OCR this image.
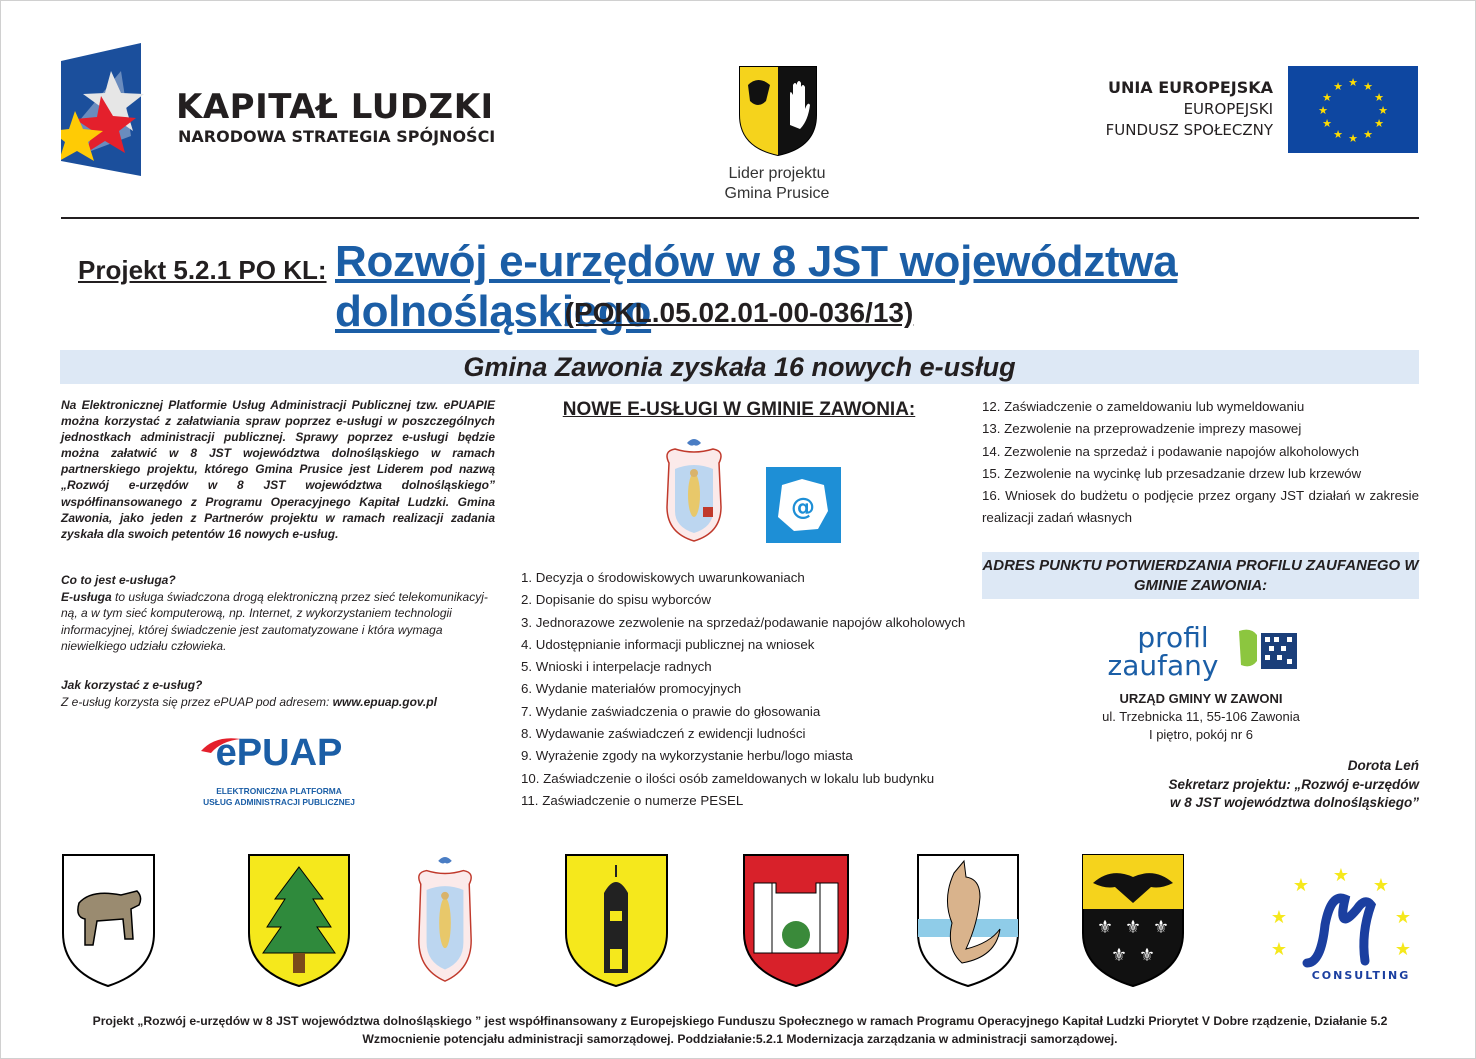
KAPITAŁ LUDZKI
NARODOWA STRATEGIA SPÓJNOŚCI
Lider projektu
Gmina Prusice
UNIA EUROPEJSKA
EUROPEJSKI
FUNDUSZ SPOŁECZNY
★ ★
★
★
★
★
★
★
★
★
★
★
Projekt 5.2.1 PO KL: Rozwój e-urzędów w 8 JST województwa dolnośląskiego
(POKL.05.02.01-00-036/13)
Gmina Zawonia zyskała 16 nowych e-usług
Na Elektronicznej Platformie Usług Administracji Publicznej tzw. ePUAPIE można korzystać z załatwiania spraw poprzez e-usługi w poszczególnych jednostkach administracji publicznej. Sprawy poprzez e-usługi będzie można załatwić w 8 JST województwa dolnośląskiego w ramach partnerskiego projektu, którego Gmina Prusice jest Liderem pod nazwą „Rozwój e-urzędów w 8 JST województwa dolnośląskiego” współfinansowanego z Programu Operacyjnego Kapitał Ludzki. Gmina Zawonia, jako jeden z Partnerów projektu w ramach realizacji zadania zyskała dla swoich petentów 16 nowych e-usług.
Co to jest e-usługa?
E-usługa to usługa świadczona drogą elektroniczną przez sieć telekomunikacyj-ną, a w tym sieć komputerową, np. Internet, z wykorzystaniem technologii informacyjnej, której świadczenie jest zautomatyzowane i która wymaga niewielkiego udziału człowieka.
Jak korzystać z e-usług?
Z e-usług korzysta się przez ePUAP pod adresem: www.epuap.gov.pl
ePUAP
ELEKTRONICZNA PLATFORMA
USŁUG ADMINISTRACJI PUBLICZNEJ
NOWE E-USŁUGI W GMINIE ZAWONIA:
@
1. Decyzja o środowiskowych uwarunkowaniach
2. Dopisanie do spisu wyborców
3. Jednorazowe zezwolenie na sprzedaż/podawanie napojów alkoholowych
4. Udostępnianie informacji publicznej na wniosek
5. Wnioski i interpelacje radnych
6. Wydanie materiałów promocyjnych
7. Wydanie zaświadczenia o prawie do głosowania
8. Wydawanie zaświadczeń z ewidencji ludności
9. Wyrażenie zgody na wykorzystanie herbu/logo miasta
10. Zaświadczenie o ilości osób zameldowanych w lokalu lub budynku
11. Zaświadczenie o numerze PESEL
12. Zaświadczenie o zameldowaniu lub wymeldowaniu
13. Zezwolenie na przeprowadzenie imprezy masowej
14. Zezwolenie na sprzedaż i podawanie napojów alkoholowych
15. Zezwolenie na wycinkę lub przesadzanie drzew lub krzewów
16. Wniosek do budżetu o podjęcie przez organy JST działań w zakresie realizacji zadań własnych
ADRES PUNKTU POTWIERDZANIA PROFILU ZAUFANEGO W GMINIE ZAWONIA:
profil
zaufany
URZĄD GMINY W ZAWONI
ul. Trzebnicka 11, 55-106 Zawonia
I piętro, pokój nr 6
Dorota Leń
Sekretarz projektu: „Rozwój e-urzędów
w 8 JST województwa dolnośląskiego”
⚜ ⚜ ⚜
⚜ ⚜
★
★	★
★	★
★	★
CONSULTING
Projekt „Rozwój e-urzędów w 8 JST województwa dolnośląskiego ” jest współfinansowany z Europejskiego Funduszu Społecznego w ramach Programu Operacyjnego Kapitał Ludzki Priorytet V Dobre rządzenie, Działanie 5.2
Wzmocnienie potencjału administracji samorządowej. Poddziałanie:5.2.1 Modernizacja zarządzania w administracji samorządowej.
